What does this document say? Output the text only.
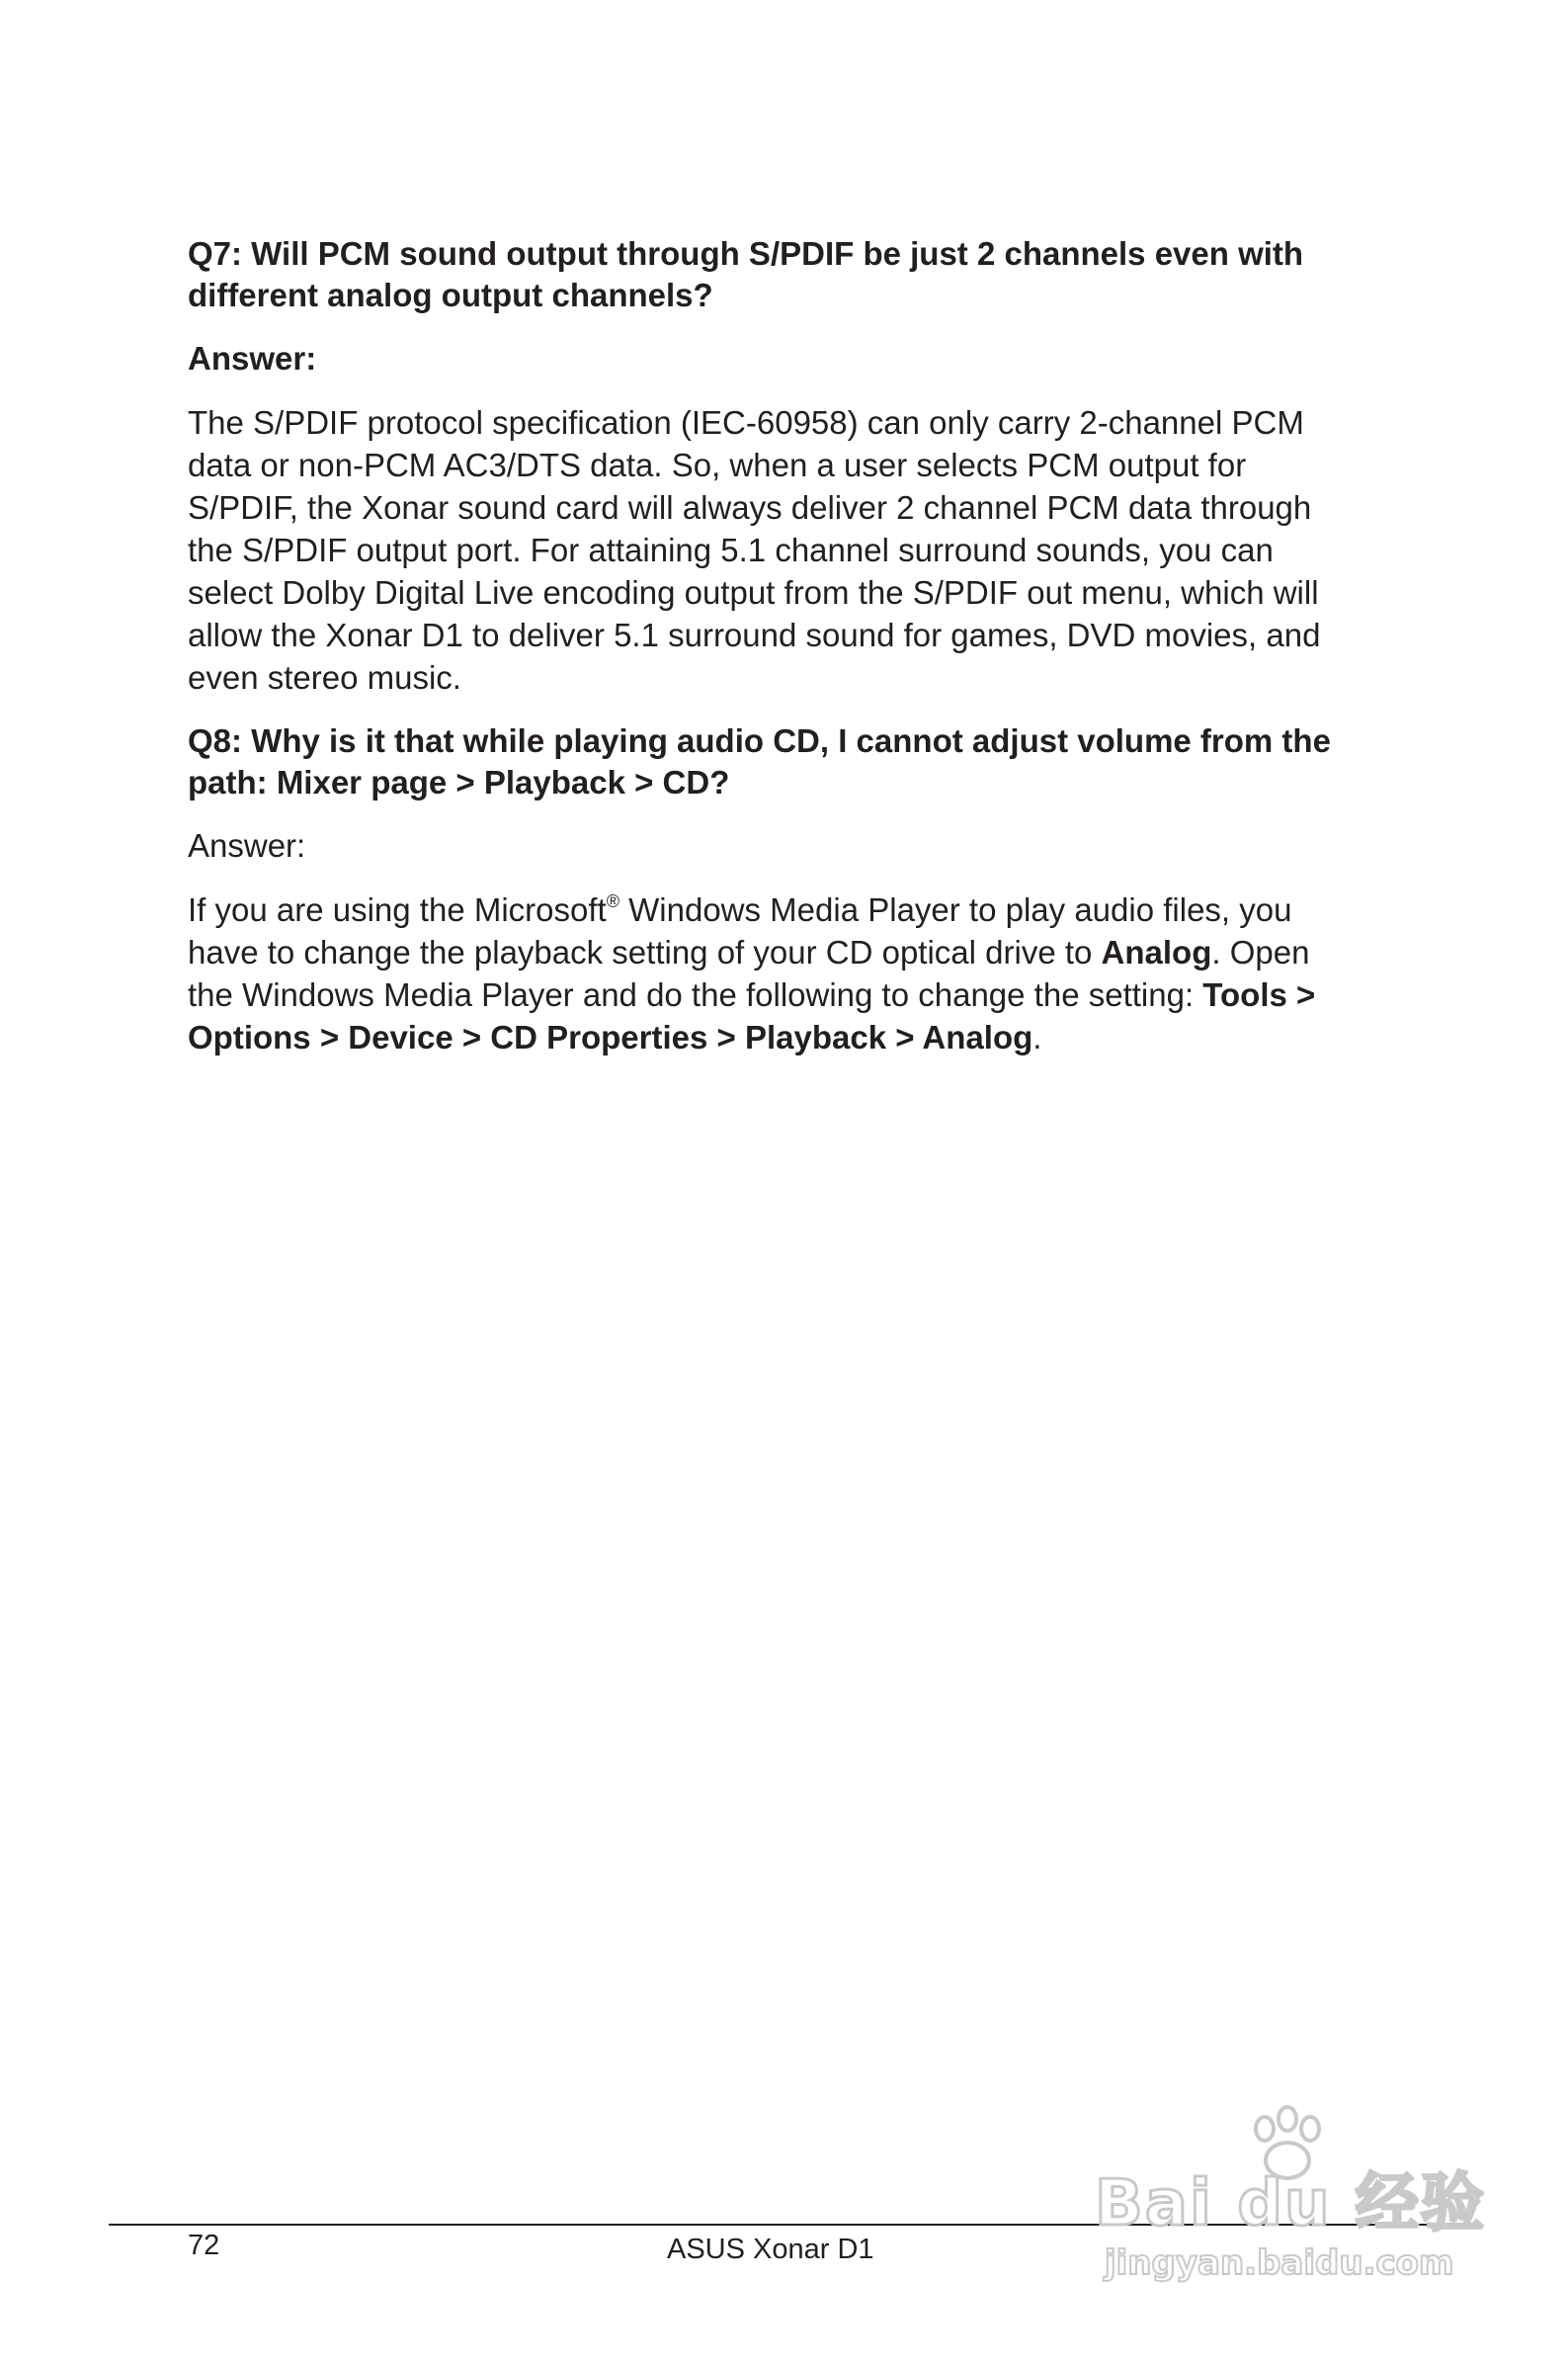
Q7: Will PCM sound output through S/PDIF be just 2 channels even with different analog output channels?

Answer:

The S/PDIF protocol specification (IEC-60958) can only carry 2-channel PCM data or non-PCM AC3/DTS data. So, when a user selects PCM output for S/PDIF, the Xonar sound card will always deliver 2 channel PCM data through the S/PDIF output port. For attaining 5.1 channel surround sounds, you can select Dolby Digital Live encoding output from the S/PDIF out menu, which will allow the Xonar D1 to deliver 5.1 surround sound for games, DVD movies, and even stereo music.

Q8: Why is it that while playing audio CD, I cannot adjust volume from the path: Mixer page > Playback > CD?

Answer:

If you are using the Microsoft® Windows Media Player to play audio files, you have to change the playback setting of your CD optical drive to Analog. Open the Windows Media Player and do the following to change the setting: Tools > Options > Device > CD Properties > Playback > Analog.

72	ASUS Xonar D1
Bai du 经验
jingyan.baidu.com
